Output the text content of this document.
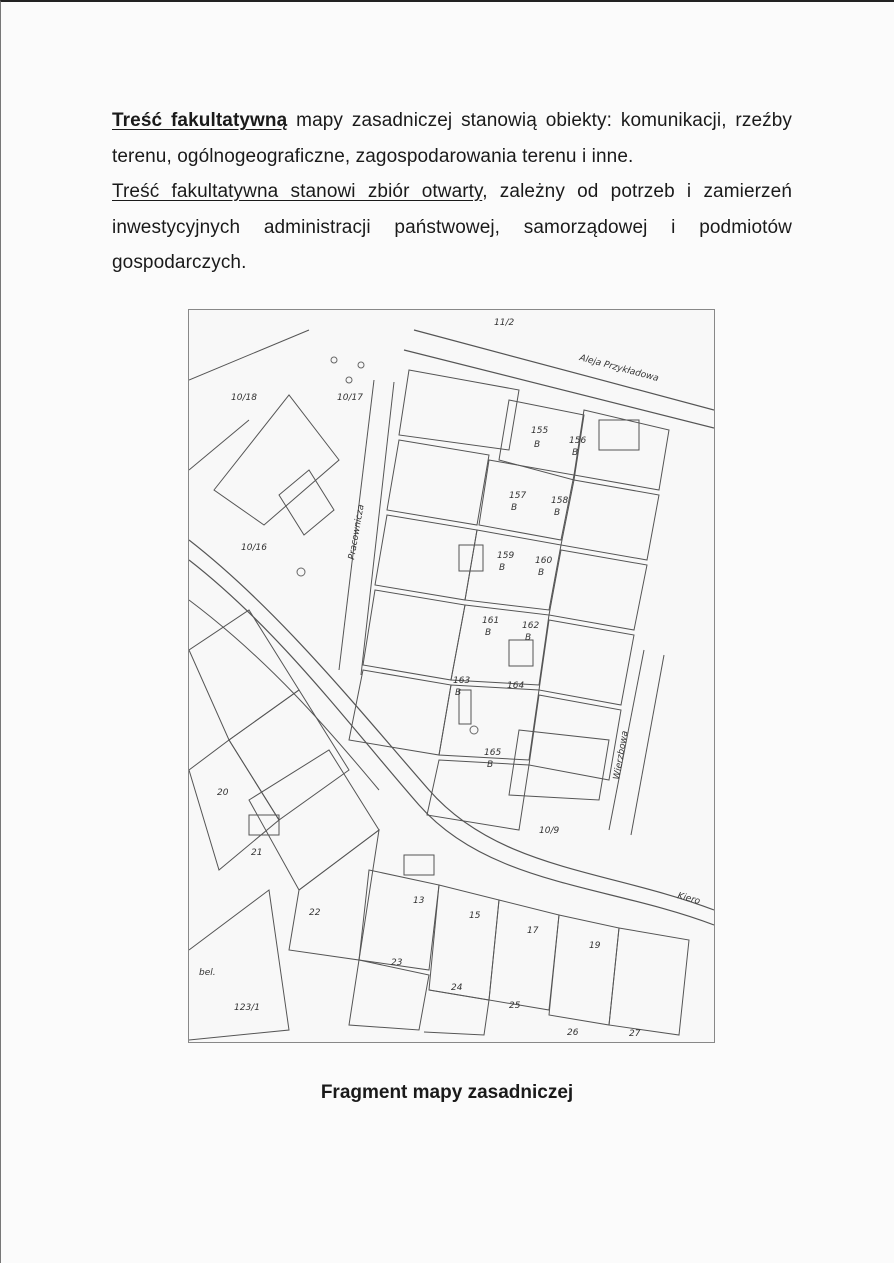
Treść fakultatywną mapy zasadniczej stanowią obiekty: komunikacji, rzeźby terenu, ogólnogeograficzne, zagospodarowania terenu i inne.

Treść fakultatywna stanowi zbiór otwarty, zależny od potrzeb i zamierzeń inwestycyjnych administracji państwowej, samorządowej i podmiotów gospodarczych.

11/2
Aleja Przykładowa
10/18	10/17
10/16	Pracownicza
155
156
157	158
159 160
161	162
163	164
165
B
B
B	B
B	B
B	B
B
B	Wierzbowa
10/9
Kiero
20
21
22
13
15
17
19
23
24
25
26	27
123/1
bel.
Fragment mapy zasadniczej
